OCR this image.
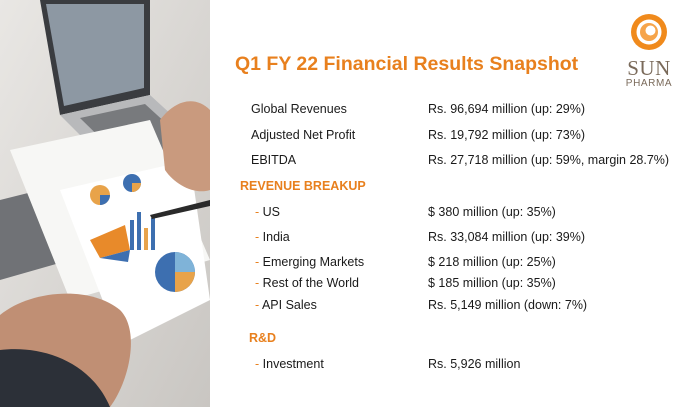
SUN
PHARMA
Q1 FY 22 Financial Results Snapshot
Global Revenues	Rs. 96,694 million (up: 29%)
Adjusted Net Profit	Rs. 19,792 million (up: 73%)
EBITDA	Rs. 27,718 million (up: 59%, margin 28.7%)
REVENUE BREAKUP
- US	$ 380 million (up: 35%)
- India	Rs. 33,084 million (up: 39%)
- Emerging Markets	$ 218 million (up: 25%)
- Rest of the World	$ 185 million (up: 35%)
- API Sales	Rs. 5,149 million (down: 7%)
R&D
- Investment	Rs. 5,926 million
